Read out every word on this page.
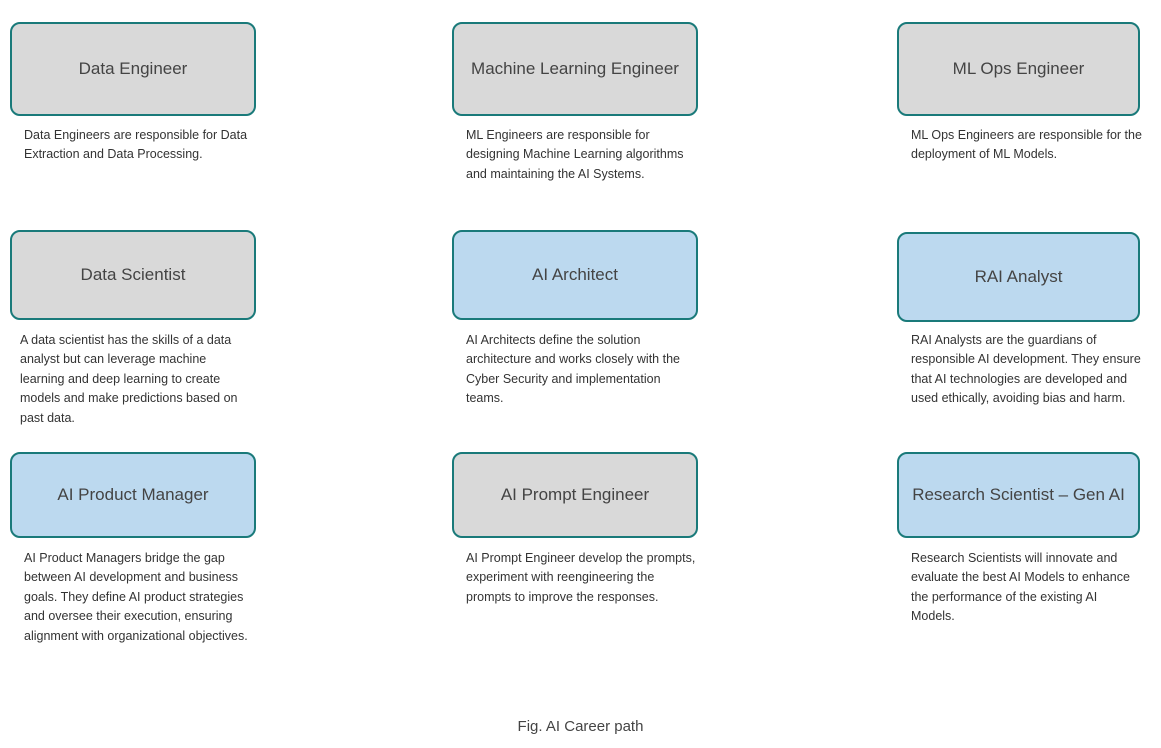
Data Engineer
Data Engineers are responsible for Data Extraction and Data Processing.
Data Scientist
A data scientist has the skills of a data analyst but can leverage machine learning and deep learning to create models and make predictions based on past data.
AI Product Manager
AI Product Managers bridge the gap between AI development and business goals. They define AI product strategies and oversee their execution, ensuring alignment with organizational objectives.
Machine Learning Engineer
ML Engineers are responsible for designing Machine Learning algorithms and maintaining the AI Systems.
AI Architect
AI Architects define the solution architecture and works closely with the Cyber Security and implementation teams.
AI Prompt Engineer
AI Prompt Engineer develop the prompts, experiment with reengineering the prompts to improve the responses.
ML Ops Engineer
ML Ops Engineers are responsible for the deployment of ML Models.
RAI Analyst
RAI Analysts are the guardians of responsible AI development. They ensure that AI technologies are developed and used ethically, avoiding bias and harm.
Research Scientist – Gen AI
Research Scientists will innovate and evaluate the best AI Models to enhance the performance of the existing AI Models.
Fig. AI Career path
